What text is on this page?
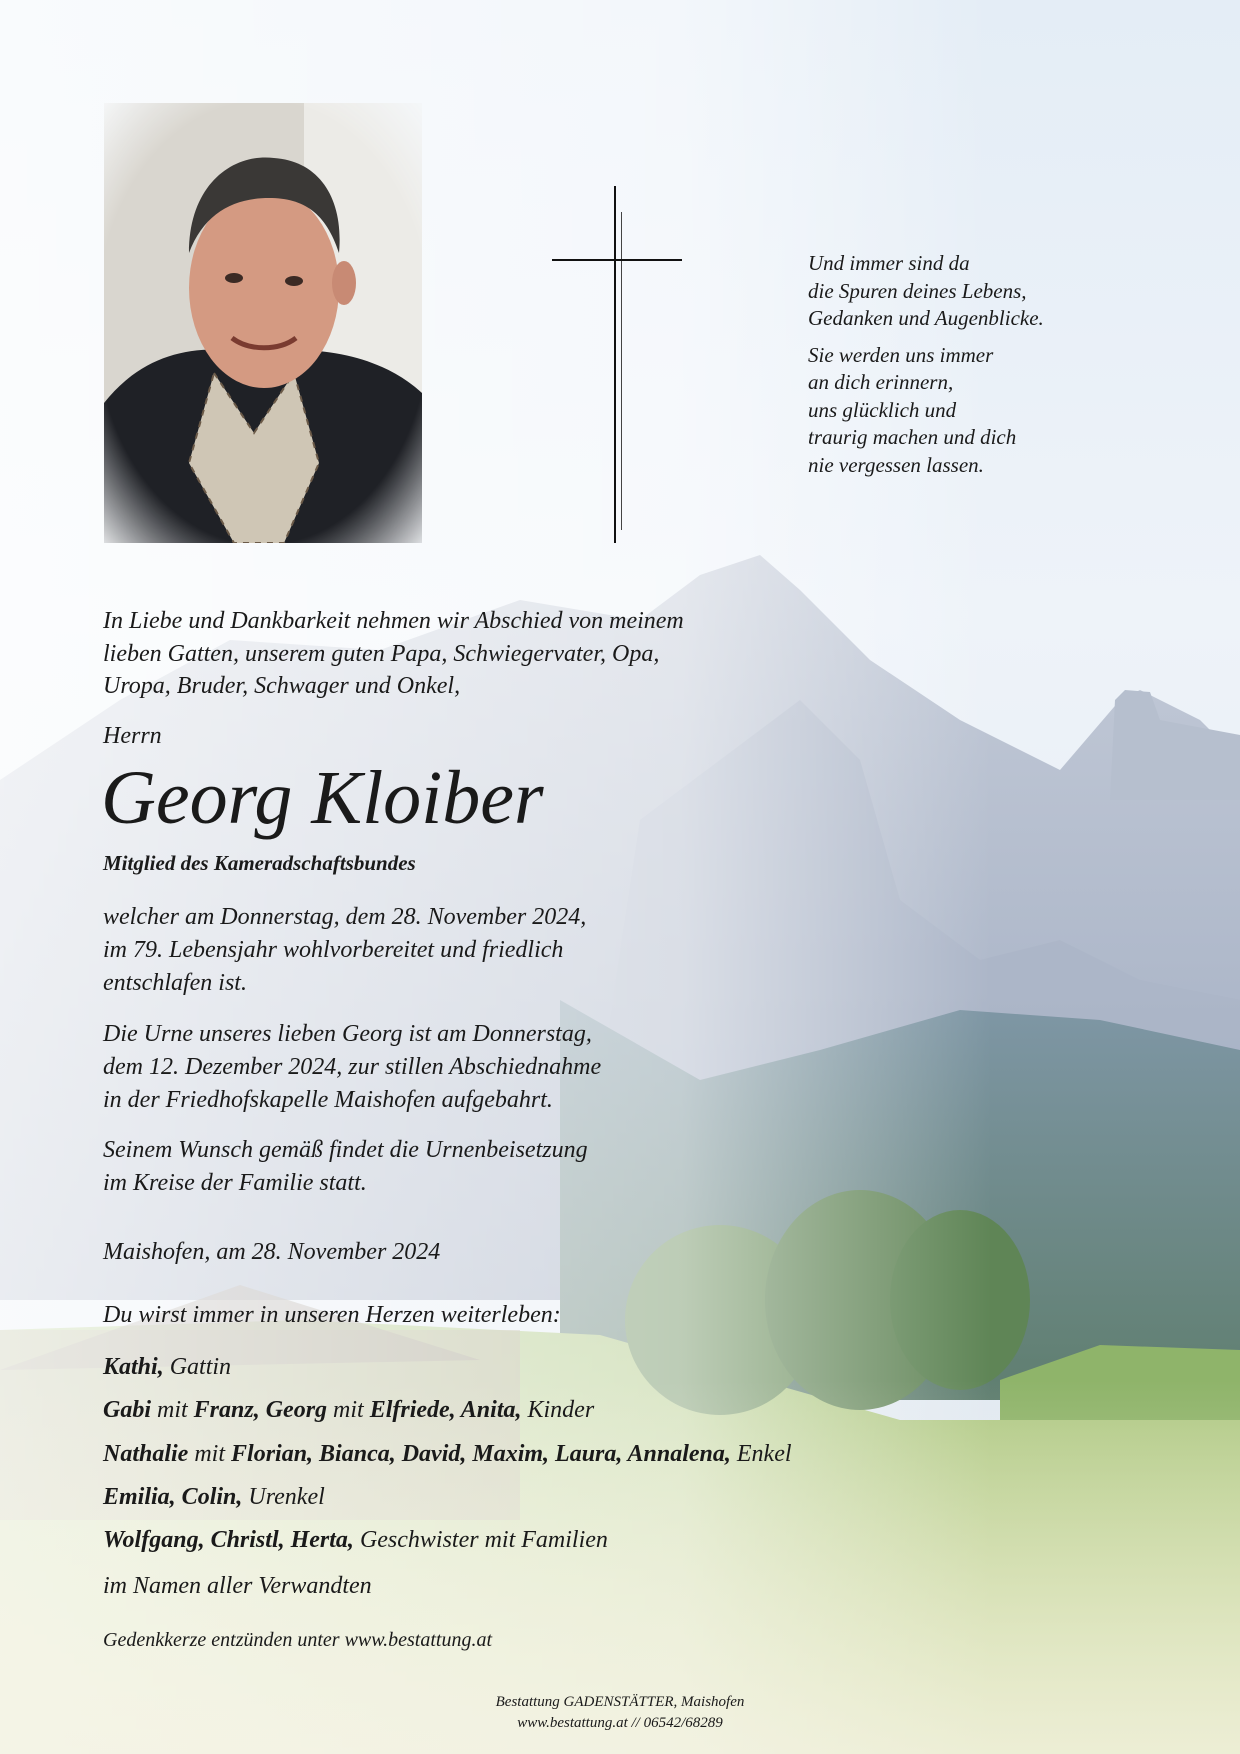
Und immer sind da
die Spuren deines Lebens,
Gedanken und Augenblicke.

Sie werden uns immer
an dich erinnern,
uns glücklich und
traurig machen und dich
nie vergessen lassen.

In Liebe und Dankbarkeit nehmen wir Abschied von meinem
lieben Gatten, unserem guten Papa, Schwiegervater, Opa,
Uropa, Bruder, Schwager und Onkel,
Herrn
Georg Kloiber
Mitglied des Kameradschaftsbundes
welcher am Donnerstag, dem 28. November 2024,
im 79. Lebensjahr wohlvorbereitet und friedlich
entschlafen ist.
Die Urne unseres lieben Georg ist am Donnerstag,
dem 12. Dezember 2024, zur stillen Abschiednahme
in der Friedhofskapelle Maishofen aufgebahrt.
Seinem Wunsch gemäß findet die Urnenbeisetzung
im Kreise der Familie statt.
Maishofen, am 28. November 2024
Du wirst immer in unseren Herzen weiterleben:
Kathi, Gattin
Gabi mit Franz, Georg mit Elfriede, Anita, Kinder
Nathalie mit Florian, Bianca, David, Maxim, Laura, Annalena, Enkel
Emilia, Colin, Urenkel
Wolfgang, Christl, Herta, Geschwister mit Familien
im Namen aller Verwandten
Gedenkkerze entzünden unter www.bestattung.at
Bestattung GADENSTÄTTER, Maishofen
www.bestattung.at // 06542/68289
